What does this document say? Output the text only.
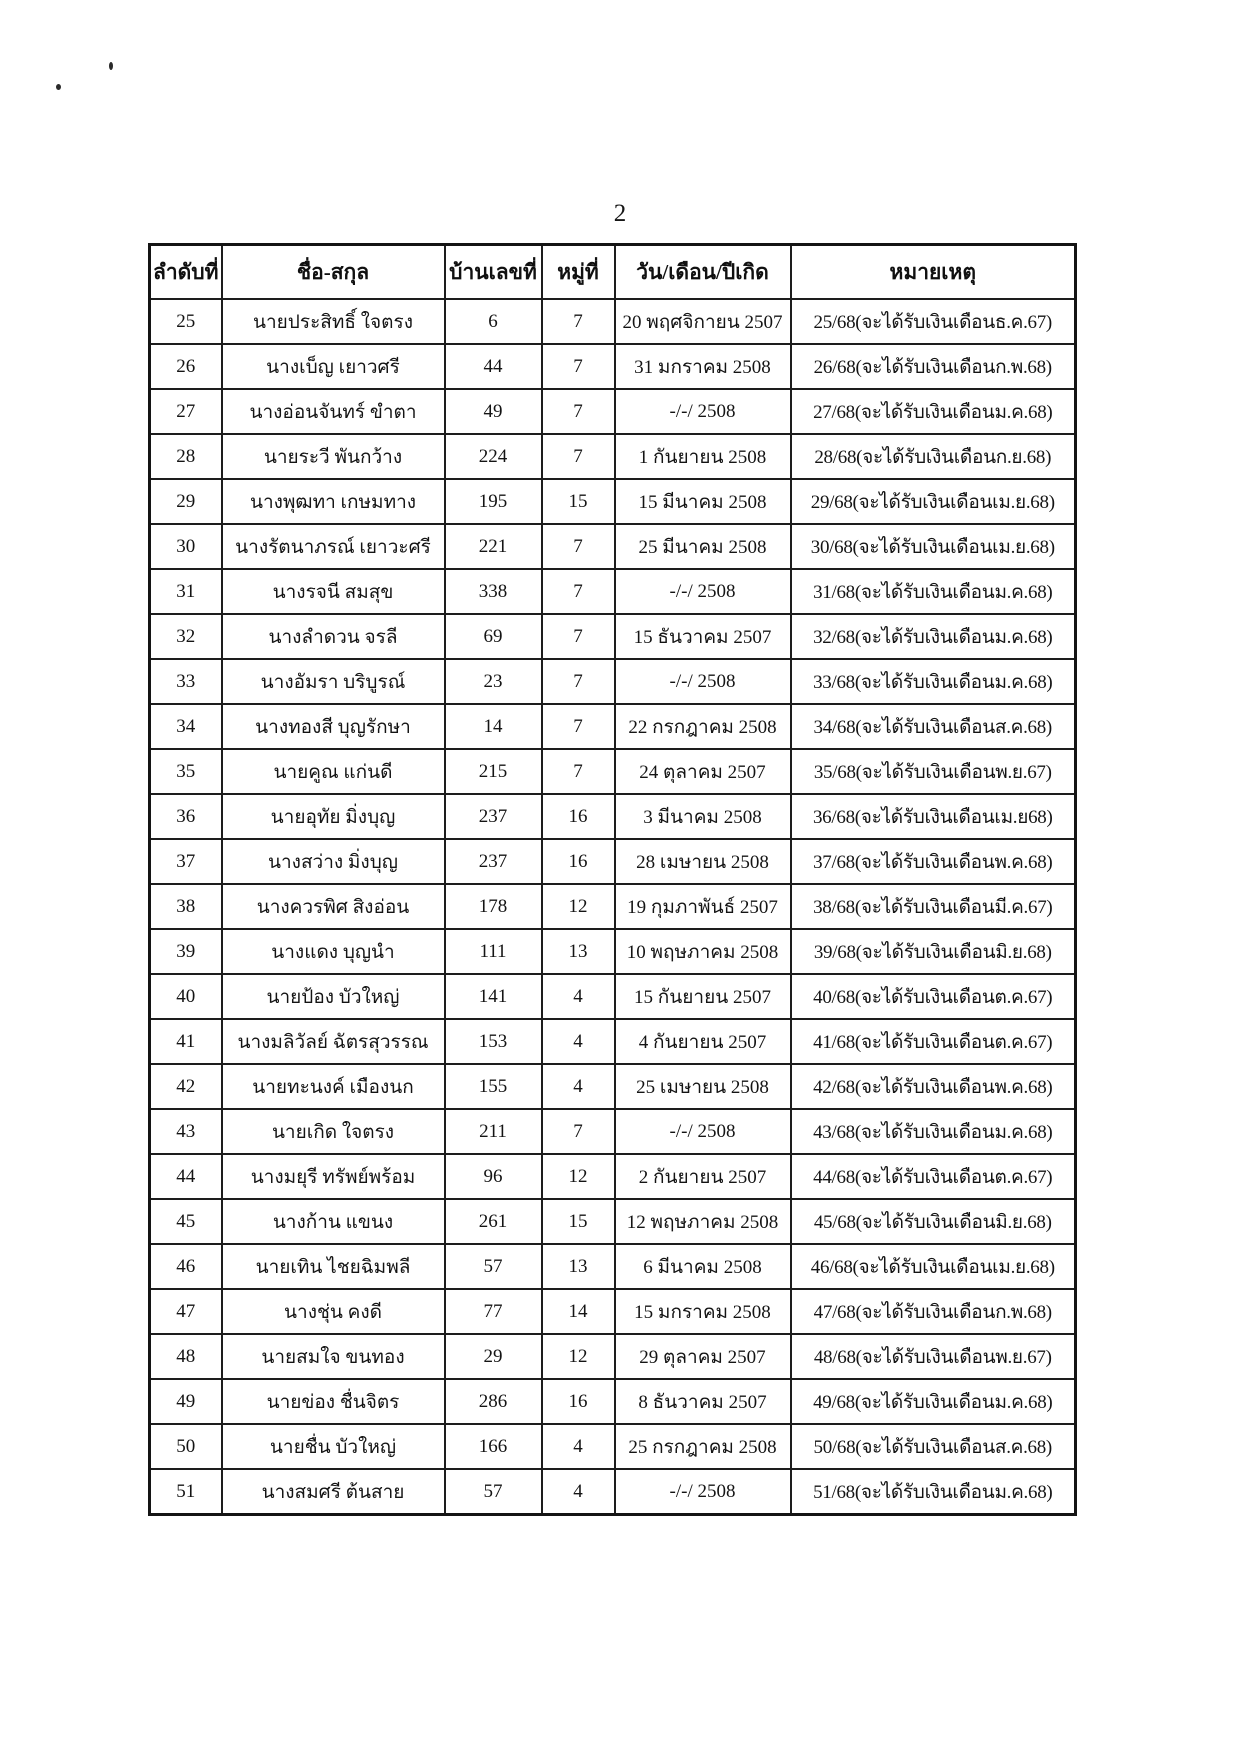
2
ลำดับที่	ชื่อ-สกุล	บ้านเลขที่	หมู่ที่	วัน/เดือน/ปีเกิด	หมายเหตุ
25	นายประสิทธิ์ ใจตรง	6	7	20 พฤศจิกายน 2507	25/68(จะได้รับเงินเดือนธ.ค.67)
26	นางเบ็ญ เยาวศรี	44	7	31 มกราคม 2508	26/68(จะได้รับเงินเดือนก.พ.68)
27	นางอ่อนจันทร์ ขำตา	49	7	-/-/ 2508	27/68(จะได้รับเงินเดือนม.ค.68)
28	นายระวี พันกว้าง	224	7	1 กันยายน 2508	28/68(จะได้รับเงินเดือนก.ย.68)
29	นางพุฒทา เกษมทาง	195	15	15 มีนาคม 2508	29/68(จะได้รับเงินเดือนเม.ย.68)
30	นางรัตนาภรณ์ เยาวะศรี	221	7	25 มีนาคม 2508	30/68(จะได้รับเงินเดือนเม.ย.68)
31	นางรจนี สมสุข	338	7	-/-/ 2508	31/68(จะได้รับเงินเดือนม.ค.68)
32	นางลำดวน จรลี	69	7	15 ธันวาคม 2507	32/68(จะได้รับเงินเดือนม.ค.68)
33	นางอัมรา บริบูรณ์	23	7	-/-/ 2508	33/68(จะได้รับเงินเดือนม.ค.68)
34	นางทองสี บุญรักษา	14	7	22 กรกฎาคม 2508	34/68(จะได้รับเงินเดือนส.ค.68)
35	นายคูณ แก่นดี	215	7	24 ตุลาคม 2507	35/68(จะได้รับเงินเดือนพ.ย.67)
36	นายอุทัย มิ่งบุญ	237	16	3 มีนาคม 2508	36/68(จะได้รับเงินเดือนเม.ย68)
37	นางสว่าง มิ่งบุญ	237	16	28 เมษายน 2508	37/68(จะได้รับเงินเดือนพ.ค.68)
38	นางควรพิศ สิงอ่อน	178	12	19 กุมภาพันธ์ 2507	38/68(จะได้รับเงินเดือนมี.ค.67)
39	นางแดง บุญนำ	111	13	10 พฤษภาคม 2508	39/68(จะได้รับเงินเดือนมิ.ย.68)
40	นายป้อง บัวใหญ่	141	4	15 กันยายน 2507	40/68(จะได้รับเงินเดือนต.ค.67)
41	นางมลิวัลย์ ฉัตรสุวรรณ	153	4	4 กันยายน 2507	41/68(จะได้รับเงินเดือนต.ค.67)
42	นายทะนงค์ เมืองนก	155	4	25 เมษายน 2508	42/68(จะได้รับเงินเดือนพ.ค.68)
43	นายเกิด ใจตรง	211	7	-/-/ 2508	43/68(จะได้รับเงินเดือนม.ค.68)
44	นางมยุรี ทรัพย์พร้อม	96	12	2 กันยายน 2507	44/68(จะได้รับเงินเดือนต.ค.67)
45	นางก้าน แขนง	261	15	12 พฤษภาคม 2508	45/68(จะได้รับเงินเดือนมิ.ย.68)
46	นายเทิน ไชยฉิมพลี	57	13	6 มีนาคม 2508	46/68(จะได้รับเงินเดือนเม.ย.68)
47	นางชุ่น คงดี	77	14	15 มกราคม 2508	47/68(จะได้รับเงินเดือนก.พ.68)
48	นายสมใจ ขนทอง	29	12	29 ตุลาคม 2507	48/68(จะได้รับเงินเดือนพ.ย.67)
49	นายข่อง ชื่นจิตร	286	16	8 ธันวาคม 2507	49/68(จะได้รับเงินเดือนม.ค.68)
50	นายชื่น บัวใหญ่	166	4	25 กรกฎาคม 2508	50/68(จะได้รับเงินเดือนส.ค.68)
51	นางสมศรี ต้นสาย	57	4	-/-/ 2508	51/68(จะได้รับเงินเดือนม.ค.68)
